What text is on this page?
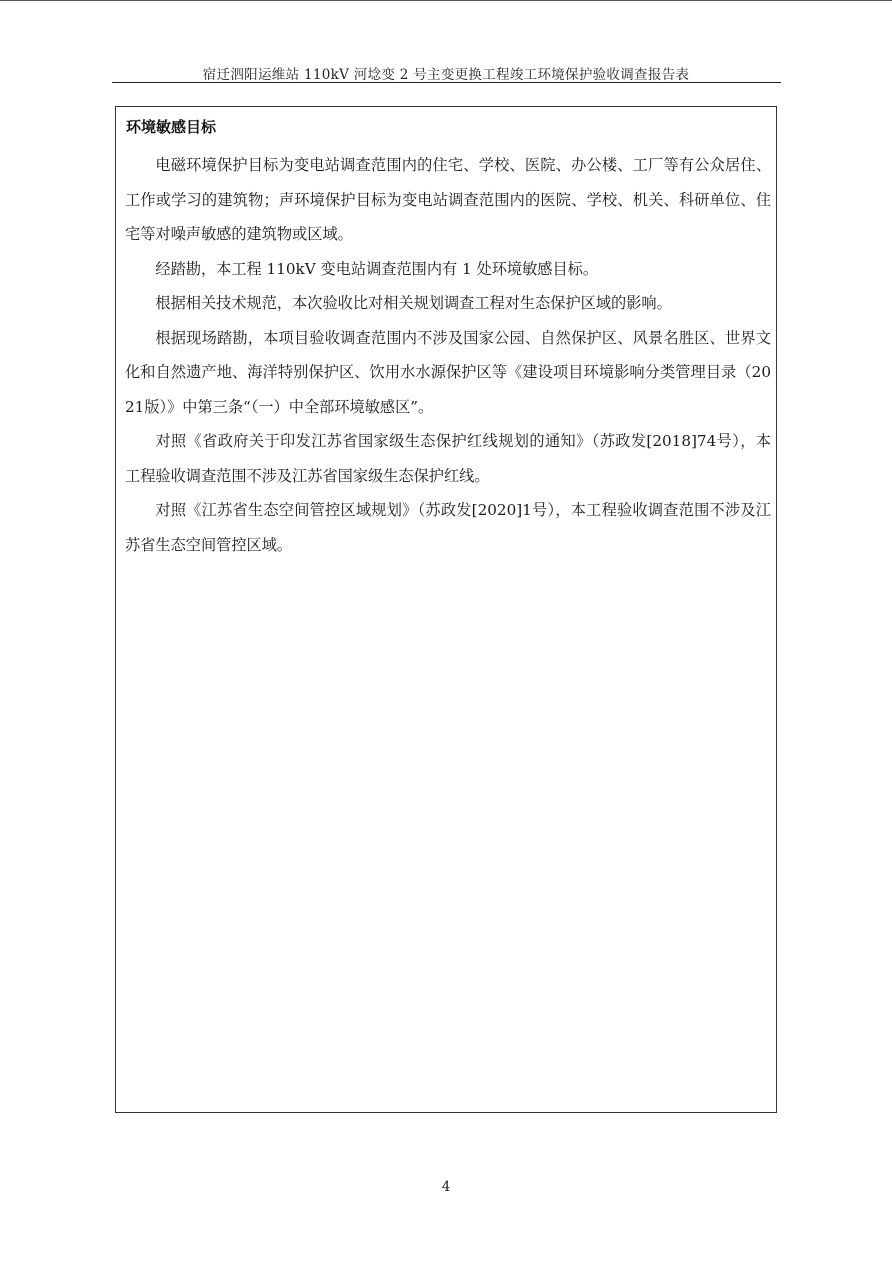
宿迁泗阳运维站 110kV 河埝变 2 号主变更换工程竣工环境保护验收调查报告表
环境敏感目标

电磁环境保护目标为变电站调查范围内的住宅、学校、医院、办公楼、工厂等有公众居住、工作或学习的建筑物；声环境保护目标为变电站调查范围内的医院、学校、机关、科研单位、住宅等对噪声敏感的建筑物或区域。

经踏勘，本工程 110kV 变电站调查范围内有 1 处环境敏感目标。

根据相关技术规范，本次验收比对相关规划调查工程对生态保护区域的影响。

根据现场踏勘，本项目验收调查范围内不涉及国家公园、自然保护区、风景名胜区、世界文化和自然遗产地、海洋特别保护区、饮用水水源保护区等《建设项目环境影响分类管理目录（2021版）》中第三条“（一）中全部环境敏感区”。

对照《省政府关于印发江苏省国家级生态保护红线规划的通知》（苏政发[2018]74号），本工程验收调查范围不涉及江苏省国家级生态保护红线。

对照《江苏省生态空间管控区域规划》（苏政发[2020]1号），本工程验收调查范围不涉及江苏省生态空间管控区域。

4
